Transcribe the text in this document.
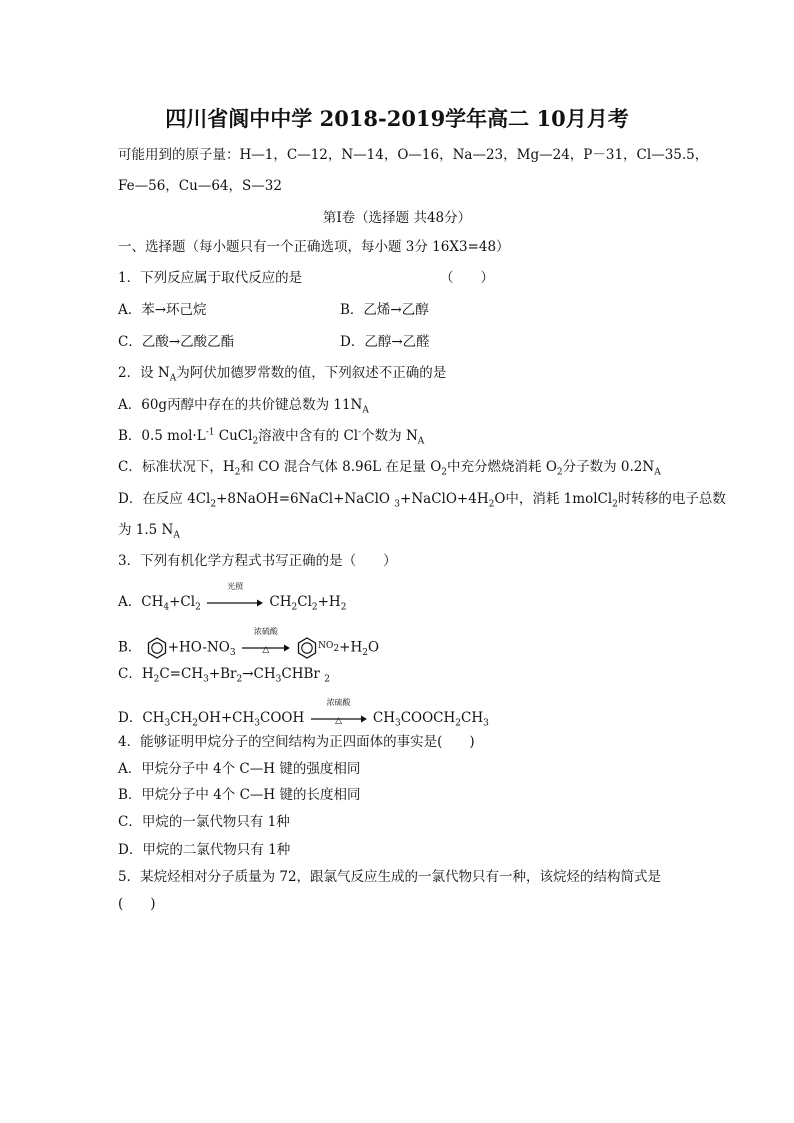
四川省阆中中学 2018-2019学年高二 10月月考
可能用到的原子量：H—1，C—12，N—14，O—16，Na—23，Mg—24，P－31，Cl—35.5，
Fe—56，Cu—64，S—32
第Ⅰ卷（选择题 共48分）
一、选择题（每小题只有一个正确选项，每小题 3分 16X3=48）
1．下列反应属于取代反应的是	（　　）
A．苯→环己烷	B．乙烯→乙醇
C．乙酸→乙酸乙酯	D．乙醇→乙醛
2．设 $N_A$为阿伏加德罗常数的值，下列叙述不正确的是
A．60g丙醇中存在的共价键总数为 $11N_A$
B．0.5 $mol\cdot L^{-1}$ CuCl$_2$溶液中含有的 Cl-个数为 $N_A$
C．标准状况下，$H_2$和 CO 混合气体 8.96L 在足量 $O_2$中充分燃烧消耗 $O_2$分子数为 $0.2N_A$
D．在反应 $4Cl_2+8NaOH=6NaCl+NaClO$ $_3+NaClO+4H_2O$中，消耗 1molCl$_2$时转移的电子总数
为 1.5 $N_A$
3．下列有机化学方程式书写正确的是（　　）
A．$CH_4+Cl_2$
光照
$CH_2Cl_2+H_2$
B． $+HO-NO_3$
浓硫酸
△	$^{NO_2}+H_2O$
C．$H_2C=CH_3+Br_2\to CH_3CHBr$ $_2$
D．$CH_3CH_2OH+CH_3COOH$
浓硫酸
△	$CH_3COOCH_2CH_3$
4．能够证明甲烷分子的空间结构为正四面体的事实是(　　)
A．甲烷分子中 4个 C—H 键的强度相同
B．甲烷分子中 4个 C—H 键的长度相同
C．甲烷的一氯代物只有 1种
D．甲烷的二氯代物只有 1种
5．某烷烃相对分子质量为 72，跟氯气反应生成的一氯代物只有一种，该烷烃的结构简式是
(　　)
